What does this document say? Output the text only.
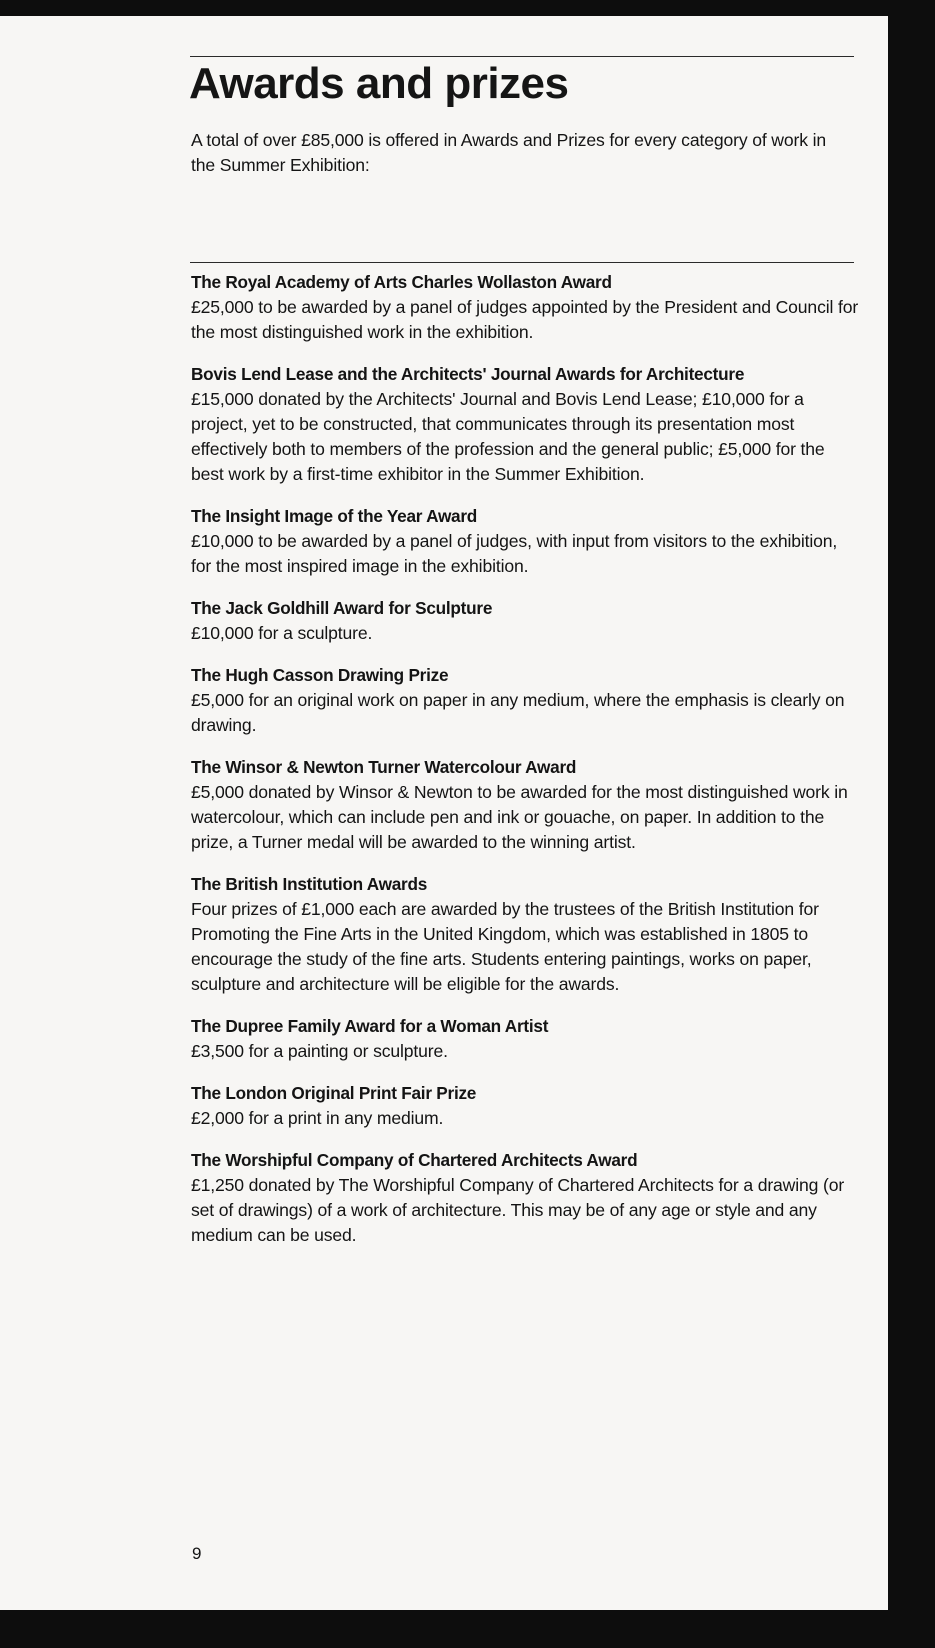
Awards and prizes
A total of over £85,000 is offered in Awards and Prizes for every category of work in the Summer Exhibition:
The Royal Academy of Arts Charles Wollaston Award
£25,000 to be awarded by a panel of judges appointed by the President and Council for the most distinguished work in the exhibition.
Bovis Lend Lease and the Architects' Journal Awards for Architecture
£15,000 donated by the Architects' Journal and Bovis Lend Lease; £10,000 for a project, yet to be constructed, that communicates through its presentation most effectively both to members of the profession and the general public; £5,000 for the best work by a first-time exhibitor in the Summer Exhibition.
The Insight Image of the Year Award
£10,000 to be awarded by a panel of judges, with input from visitors to the exhibition, for the most inspired image in the exhibition.
The Jack Goldhill Award for Sculpture
£10,000 for a sculpture.
The Hugh Casson Drawing Prize
£5,000 for an original work on paper in any medium, where the emphasis is clearly on drawing.
The Winsor & Newton Turner Watercolour Award
£5,000 donated by Winsor & Newton to be awarded for the most distinguished work in watercolour, which can include pen and ink or gouache, on paper. In addition to the prize, a Turner medal will be awarded to the winning artist.
The British Institution Awards
Four prizes of £1,000 each are awarded by the trustees of the British Institution for Promoting the Fine Arts in the United Kingdom, which was established in 1805 to encourage the study of the fine arts. Students entering paintings, works on paper, sculpture and architecture will be eligible for the awards.
The Dupree Family Award for a Woman Artist
£3,500 for a painting or sculpture.
The London Original Print Fair Prize
£2,000 for a print in any medium.
The Worshipful Company of Chartered Architects Award
£1,250 donated by The Worshipful Company of Chartered Architects for a drawing (or set of drawings) of a work of architecture. This may be of any age or style and any medium can be used.
9
